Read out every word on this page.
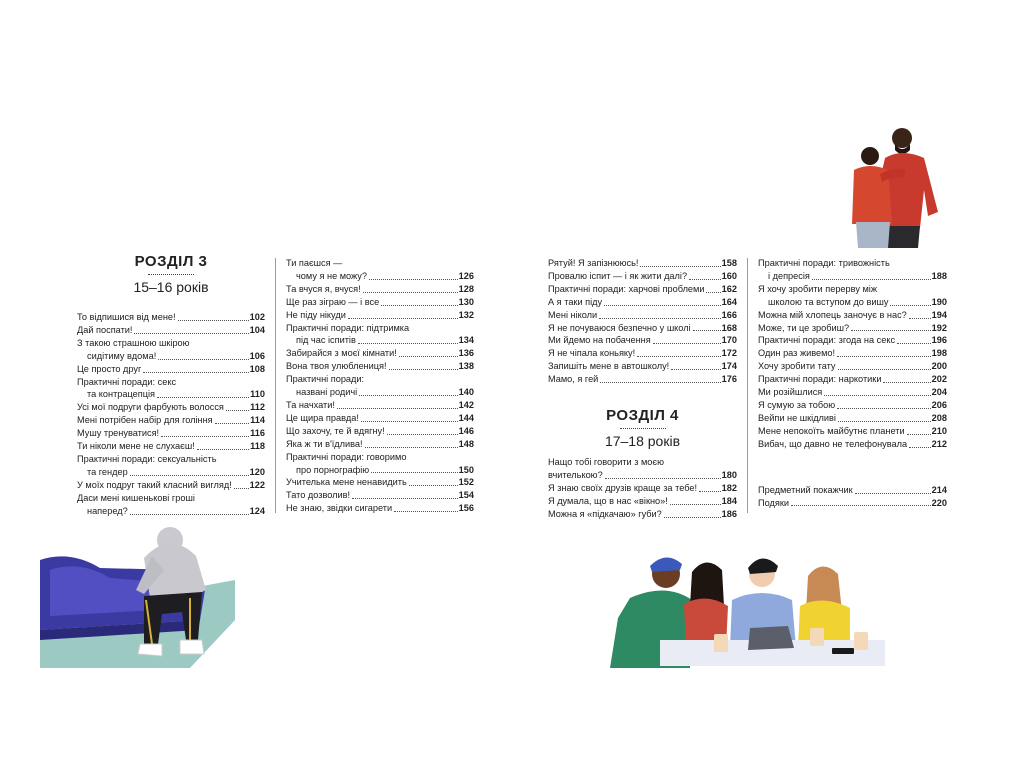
РОЗДІЛ 3
15–16 років
То відпишися від мене!	102
Дай поспати!	104
З такою страшною шкірою
сидітиму вдома!	106
Це просто друг	108
Практичні поради: секс
та контрацепція	110
Усі мої подруги фарбують волосся	112
Мені потрібен набір для гоління	114
Мушу тренуватися!	116
Ти ніколи мене не слухаєш!	118
Практичні поради: сексуальність
та гендер	120
У моїх подруг такий класний вигляд! 122
Даси мені кишенькові гроші
наперед?	124
Ти паєшся —
чому я не можу?	126
Та вчуся я, вчуся!	128
Ще раз зіграю — і все	130
Не піду нікуди	132
Практичні поради: підтримка
під час іспитів	134
Забирайся з моєї кімнати!	136
Вона твоя улюблениця!	138
Практичні поради:
названі родичі	140
Та начхати!	142
Це щира правда!	144
Що захочу, те й вдягну!	146
Яка ж ти в'їдлива!	148
Практичні поради: говоримо
про порнографію	150
Учителька мене ненавидить	152
Тато дозволив!	154
Не знаю, звідки сигарети	156
Рятуй! Я запізнююсь!	158
Провалю іспит — і як жити далі?	160
Практичні поради: харчові проблеми 162
А я таки піду	164
Мені ніколи	166
Я не почуваюся безпечно у школі	168
Ми йдемо на побачення	170
Я не чіпала коньяку!	172
Запишіть мене в автошколу!	174
Мамо, я гей	176
РОЗДІЛ 4
17–18 років
Нащо тобі говорити з моєю
вчителькою?	180
Я знаю своїх друзів краще за тебе!	182
Я думала, що в нас «вікно»!	184
Можна я «підкачаю» губи?	186
Практичні поради: тривожність
і депресія	188
Я хочу зробити перерву між
школою та вступом до вишу	190
Можна мій хлопець заночує в нас?	194
Може, ти це зробиш?	192
Практичні поради: згода на секс	196
Один раз живемо!	198
Хочу зробити тату	200
Практичні поради: наркотики	202
Ми розійшлися	204
Я сумую за тобою	206
Вейпи не шкідливі	208
Мене непокоїть майбутнє планети	210
Вибач, що давно не телефонувала	212
Предметний покажчик	214
Подяки	220
